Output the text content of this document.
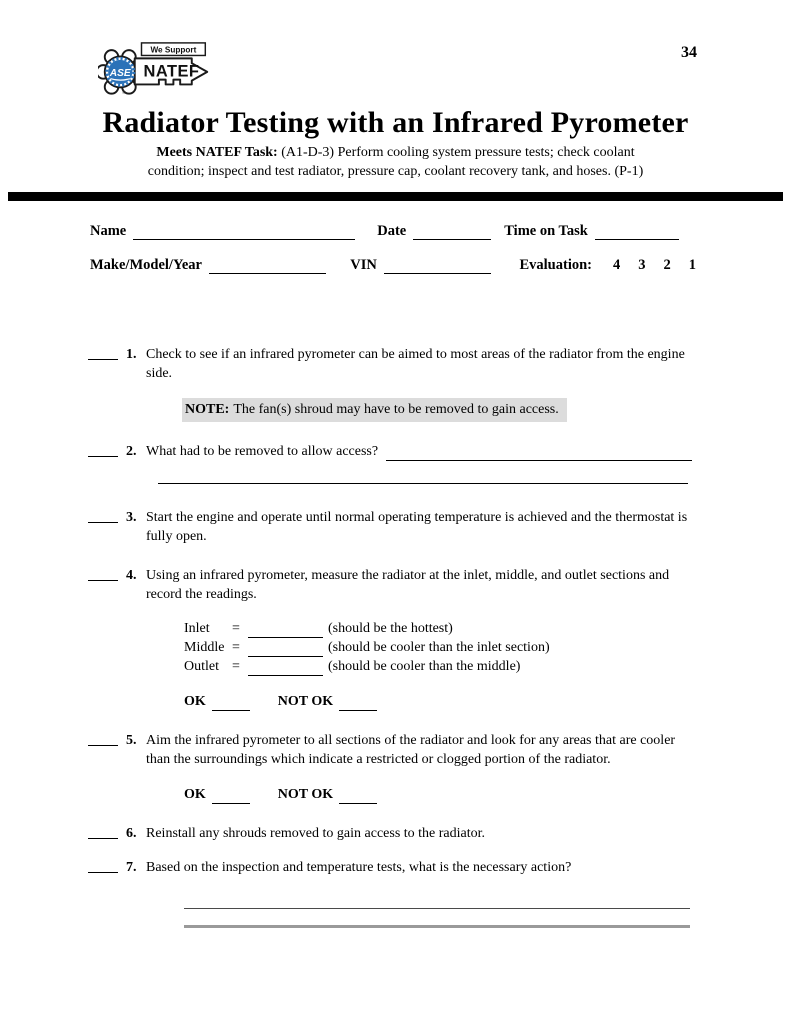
We Support
ASE
®
NATEF
34
Radiator Testing with an Infrared Pyrometer
Meets NATEF Task: (A1-D-3) Perform cooling system pressure tests; check coolant
condition; inspect and test radiator, pressure cap, coolant recovery tank, and hoses. (P-1)
Name	Date	Time on Task
Make/Model/Year	VIN	Evaluation: 4 3 2 1
1. Check to see if an infrared pyrometer can be aimed to most areas of the radiator from the engine side.
NOTE: The fan(s) shroud may have to be removed to gain access.
2. What had to be removed to allow access?
3. Start the engine and operate until normal operating temperature is achieved and the thermostat is fully open.
4. Using an infrared pyrometer, measure the radiator at the inlet, middle, and outlet sections and record the readings.
Inlet	=	(should be the hottest)
Middle =	(should be cooler than the inlet section)
Outlet =	(should be cooler than the middle)
OK	NOT OK
5. Aim the infrared pyrometer to all sections of the radiator and look for any areas that are cooler than the surroundings which indicate a restricted or clogged portion of the radiator.
OK	NOT OK
6. Reinstall any shrouds removed to gain access to the radiator.
7. Based on the inspection and temperature tests, what is the necessary action?
